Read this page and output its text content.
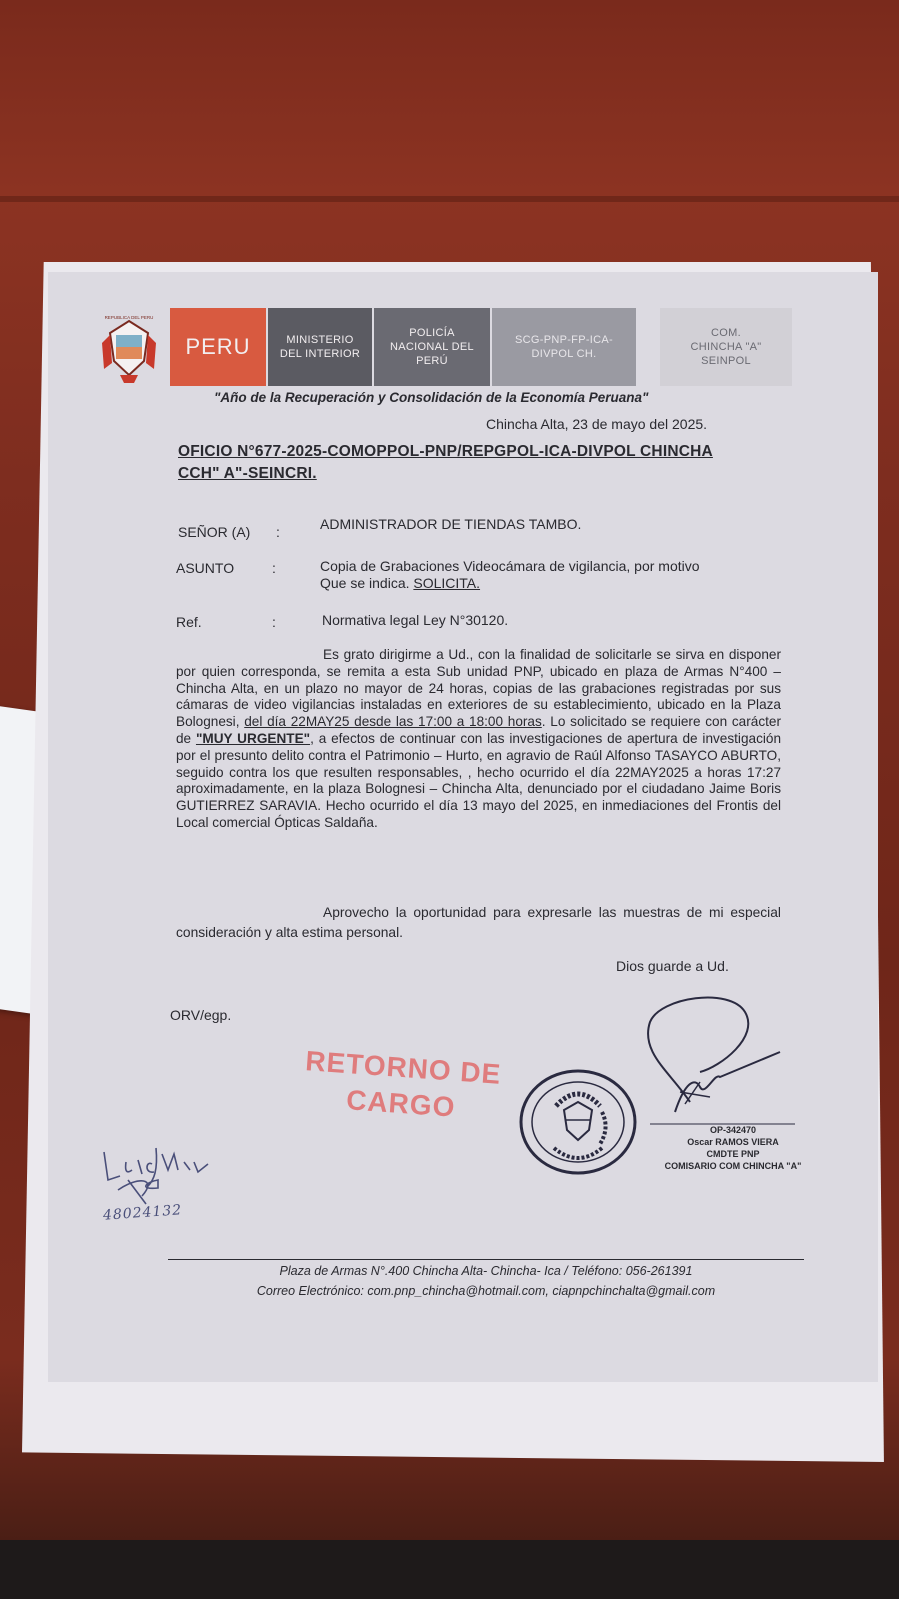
REPUBLICA DEL PERU
PERU	MINISTERIO
DEL INTERIOR
POLICÍA
NACIONAL DEL
PERÚ
SCG-PNP-FP-ICA-
DIVPOL CH.
COM.
CHINCHA "A"
SEINPOL
"Año de la Recuperación y Consolidación de la Economía Peruana"
Chincha Alta, 23 de mayo del 2025.
OFICIO N°677-2025-COMOPPOL-PNP/REPGPOL-ICA-DIVPOL CHINCHA
CCH" A"-SEINCRI.
SEÑOR (A) :	ADMINISTRADOR DE TIENDAS TAMBO.
ASUNTO	:	Copia de Grabaciones Videocámara de vigilancia, por motivo
Que se indica. SOLICITA.
Ref.	:	Normativa legal Ley N°30120.

Es grato dirigirme a Ud., con la finalidad de solicitarle se sirva en disponer por quien corresponda, se remita a esta Sub unidad PNP, ubicado en plaza de Armas N°400 – Chincha Alta, en un plazo no mayor de 24 horas, copias de las grabaciones registradas por sus cámaras de video vigilancias instaladas en exteriores de su establecimiento, ubicado en la Plaza Bolognesi, del día 22MAY25 desde las 17:00 a 18:00 horas. Lo solicitado se requiere con carácter de "MUY URGENTE", a efectos de continuar con las investigaciones de apertura de investigación por el presunto delito contra el Patrimonio – Hurto, en agravio de Raúl Alfonso TASAYCO ABURTO, seguido contra los que resulten responsables, , hecho ocurrido el día 22MAY2025 a horas 17:27 aproximadamente, en la plaza Bolognesi – Chincha Alta, denunciado por el ciudadano Jaime Boris GUTIERREZ SARAVIA. Hecho ocurrido el día 13 mayo del 2025, en inmediaciones del Frontis del Local comercial Ópticas Saldaña.

Aprovecho la oportunidad para expresarle las muestras de mi especial consideración y alta estima personal.

Dios guarde a Ud.
ORV/egp.
RETORNO DE
CARGO
OP-342470
Oscar RAMOS VIERA
CMDTE PNP
COMISARIO COM CHINCHA "A"
48024132
Plaza de Armas N°.400 Chincha Alta- Chincha- Ica / Teléfono: 056-261391
Correo Electrónico: com.pnp_chincha@hotmail.com, ciapnpchinchalta@gmail.com
